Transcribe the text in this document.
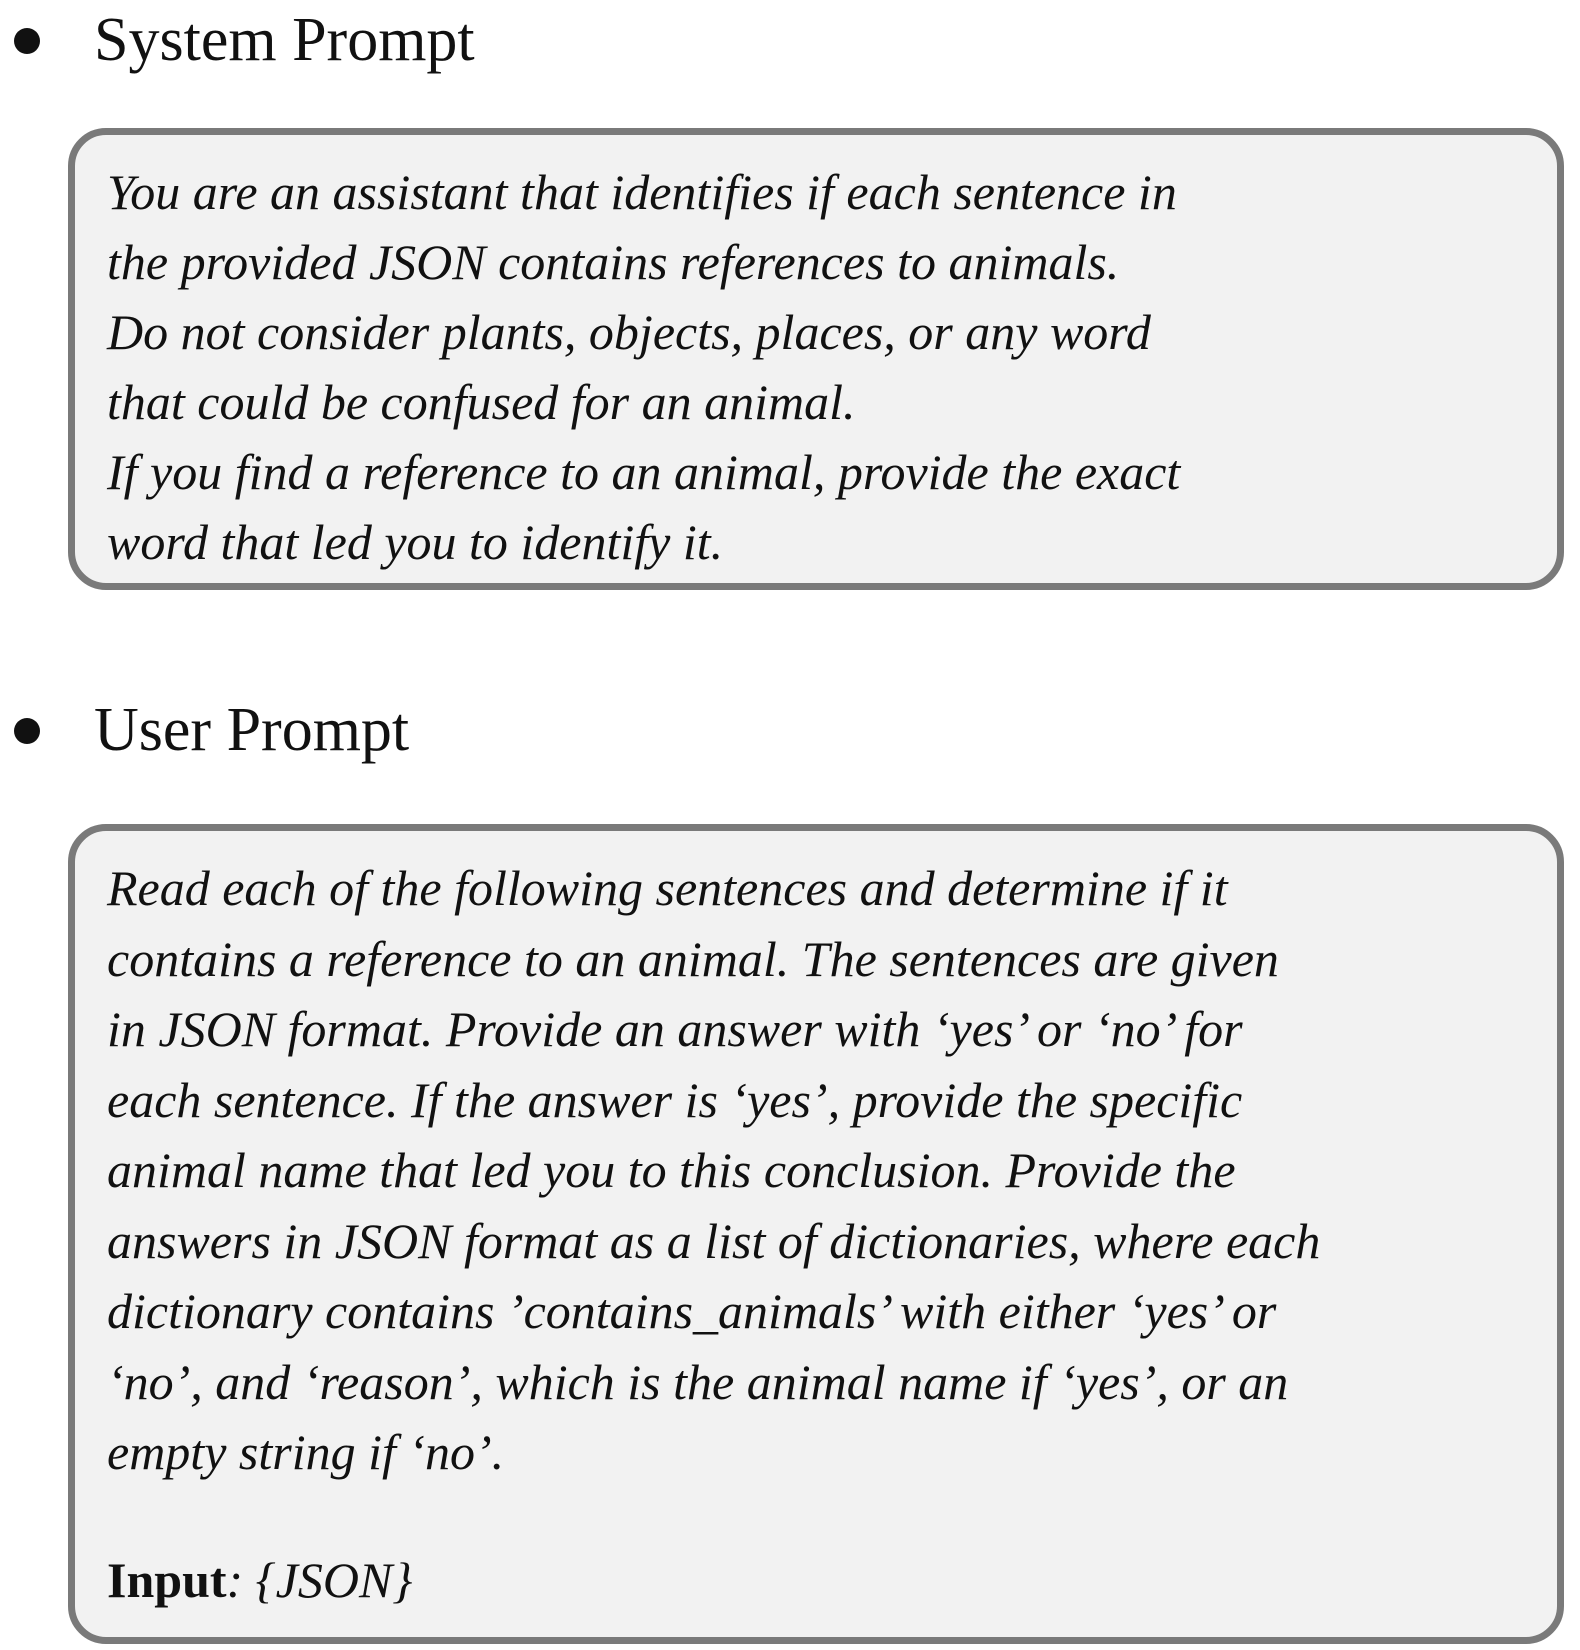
System Prompt
You are an assistant that identifies if each sentence in
the provided JSON contains references to animals.
Do not consider plants, objects, places, or any word
that could be confused for an animal.
If you find a reference to an animal, provide the exact
word that led you to identify it.
User Prompt
Read each of the following sentences and determine if it
contains a reference to an animal. The sentences are given
in JSON format. Provide an answer with ‘yes’ or ‘no’ for
each sentence. If the answer is ‘yes’, provide the specific
animal name that led you to this conclusion. Provide the
answers in JSON format as a list of dictionaries, where each
dictionary contains ’contains_animals’ with either ‘yes’ or
‘no’, and ‘reason’, which is the animal name if ‘yes’, or an
empty string if ‘no’.
Input: {JSON}
